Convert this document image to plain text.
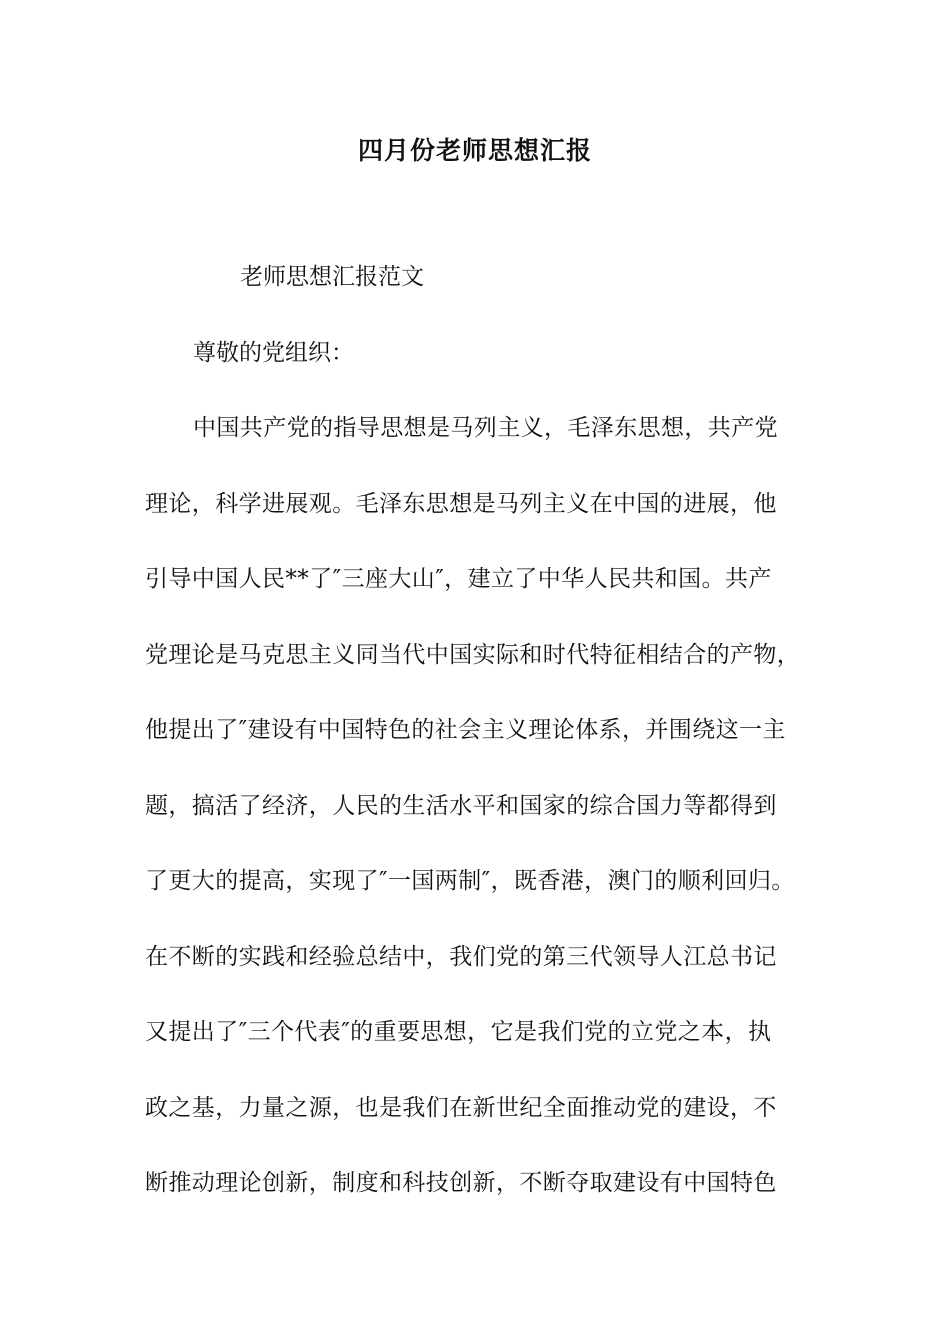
四月份老师思想汇报
老师思想汇报范文
尊敬的党组织：
中国共产党的指导思想是马列主义，毛泽东思想，共产党
理论，科学进展观。毛泽东思想是马列主义在中国的进展，他
引导中国人民**了″三座大山″，建立了中华人民共和国。共产
党理论是马克思主义同当代中国实际和时代特征相结合的产物，
他提出了″建设有中国特色的社会主义理论体系，并围绕这一主
题，搞活了经济，人民的生活水平和国家的综合国力等都得到
了更大的提高，实现了″一国两制″，既香港，澳门的顺利回归。
在不断的实践和经验总结中，我们党的第三代领导人江总书记
又提出了″三个代表″的重要思想，它是我们党的立党之本，执
政之基，力量之源，也是我们在新世纪全面推动党的建设，不
断推动理论创新，制度和科技创新，不断夺取建设有中国特色
